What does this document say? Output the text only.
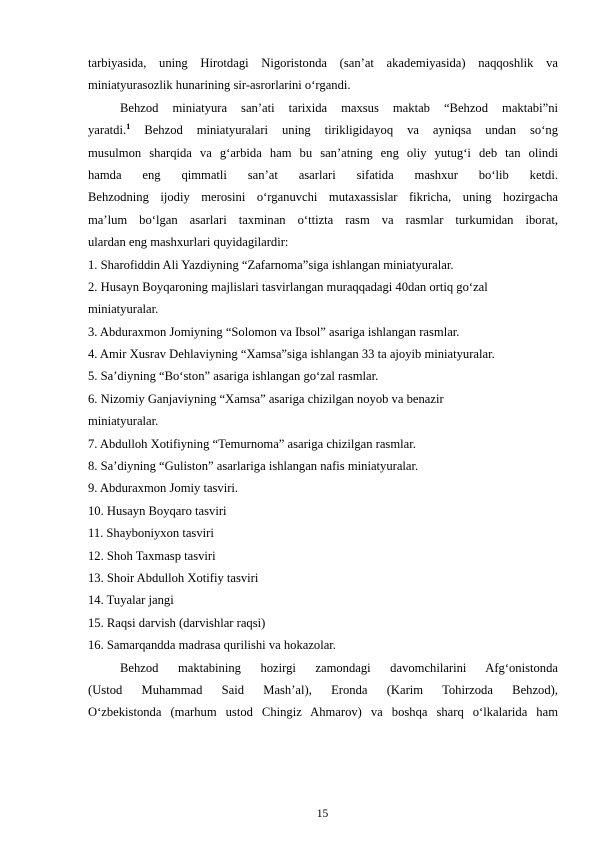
tarbiyasida, uning Hirotdagi Nigoristonda (san’at akademiyasida) naqqoshlik va
miniatyurasozlik hunarining sir-asrorlarini o‘rgandi.
Behzod miniatyura san’ati tarixida maxsus maktab “Behzod maktabi”ni
yaratdi.$^1$ Behzod miniatyuralari uning tirikligidayoq va ayniqsa undan so‘ng
musulmon sharqida va g‘arbida ham bu san’atning eng oliy yutug‘i deb tan olindi
hamda eng qimmatli san’at asarlari sifatida mashxur bo‘lib ketdi.
Behzodning ijodiy merosini o‘rganuvchi mutaxassislar fikricha, uning hozirgacha
ma’lum bo‘lgan asarlari taxminan o‘ttizta rasm va rasmlar turkumidan iborat,
ulardan eng mashxurlari quyidagilardir:
1. Sharofiddin Ali Yazdiyning “Zafarnoma”siga ishlangan miniatyuralar.
2. Husayn Boyqaroning majlislari tasvirlangan muraqqadagi 40dan ortiq go‘zal
miniatyuralar.
3. Abduraxmon Jomiyning “Solomon va Ibsol” asariga ishlangan rasmlar.
4. Amir Xusrav Dehlaviyning “Xamsa”siga ishlangan 33 ta ajoyib miniatyuralar.
5. Sa’diyning “Bo‘ston” asariga ishlangan go‘zal rasmlar.
6. Nizomiy Ganjaviyning “Xamsa” asariga chizilgan noyob va benazir
miniatyuralar.
7. Abdulloh Xotifiyning “Temurnoma” asariga chizilgan rasmlar.
8. Sa’diyning “Guliston” asarlariga ishlangan nafis miniatyuralar.
9. Abduraxmon Jomiy tasviri.
10. Husayn Boyqaro tasviri
11. Shayboniyxon tasviri
12. Shoh Taxmasp tasviri
13. Shoir Abdulloh Xotifiy tasviri
14. Tuyalar jangi
15. Raqsi darvish (darvishlar raqsi)
16. Samarqandda madrasa qurilishi va hokazolar.
Behzod maktabining hozirgi zamondagi davomchilarini Afg‘onistonda
(Ustod Muhammad Said Mash’al), Eronda (Karim Tohirzoda Behzod),
O‘zbekistonda (marhum ustod Chingiz Ahmarov) va boshqa sharq o‘lkalarida ham
15
